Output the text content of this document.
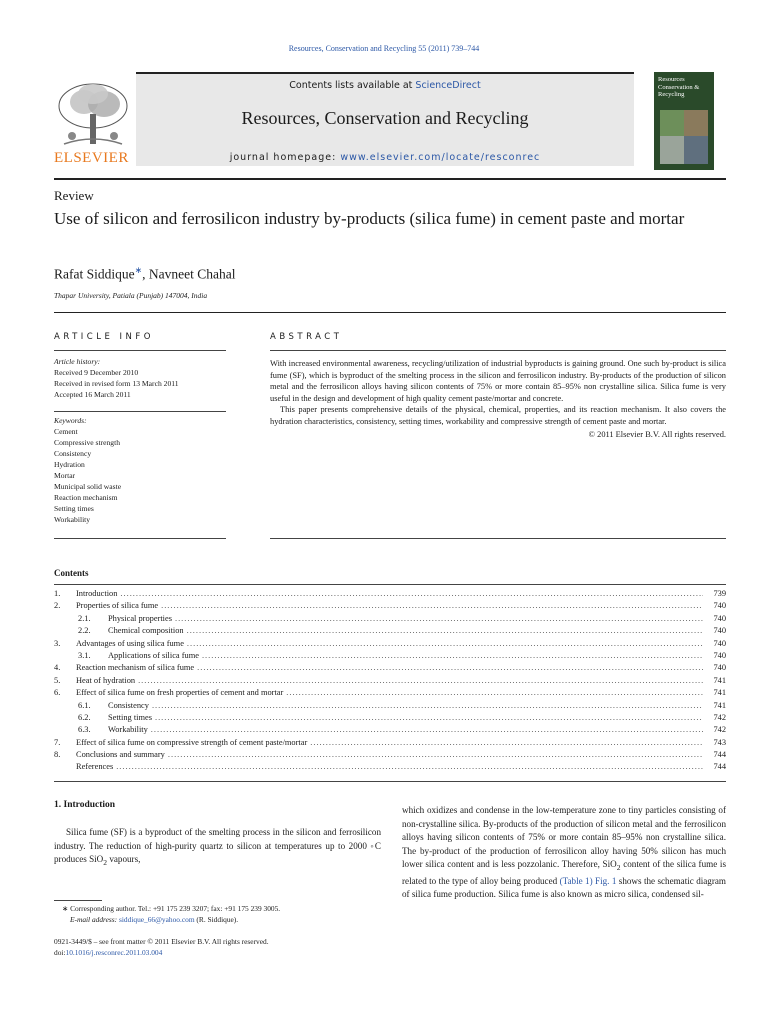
Resources, Conservation and Recycling 55 (2011) 739–744
ELSEVIER
Contents lists available at ScienceDirect
Resources, Conservation and Recycling
journal homepage: www.elsevier.com/locate/resconrec
Resources Conservation & Recycling
Review
Use of silicon and ferrosilicon industry by-products (silica fume) in cement paste and mortar
Rafat Siddique∗, Navneet Chahal
Thapar University, Patiala (Punjab) 147004, India
ARTICLE INFO
Article history:
Received 9 December 2010
Received in revised form 13 March 2011
Accepted 16 March 2011
Keywords:
Cement
Compressive strength
Consistency
Hydration
Mortar
Municipal solid waste
Reaction mechanism
Setting times
Workability
ABSTRACT

With increased environmental awareness, recycling/utilization of industrial byproducts is gaining ground. One such by-product is silica fume (SF), which is byproduct of the smelting process in the silicon and ferrosilicon industry. By-products of the production of silicon metal and the ferrosilicon alloys having silicon contents of 75% or more contain 85–95% non crystalline silica. Silica fume is very useful in the design and development of high quality cement paste/mortar and concrete.

This paper presents comprehensive details of the physical, chemical, properties, and its reaction mechanism. It also covers the hydration characteristics, consistency, setting times, workability and compressive strength of cement paste and mortar.

© 2011 Elsevier B.V. All rights reserved.

Contents
1.	Introduction .....	739
2.	Properties of silica fume .....	740
2.1.	Physical properties .....	740
2.2.	Chemical composition .....	740
3.	Advantages of using silica fume .....	740
3.1.	Applications of silica fume .....	740
4.	Reaction mechanism of silica fume .....	740
5.	Heat of hydration .....	741
6.	Effect of silica fume on fresh properties of cement and mortar .....	741
6.1.	Consistency .....	741
6.2.	Setting times .....	742
6.3.	Workability .....	742
7.	Effect of silica fume on compressive strength of cement paste/mortar .....	743
8.	Conclusions and summary .....	744
References .....	744
1. Introduction
Silica fume (SF) is a byproduct of the smelting process in the silicon and ferrosilicon industry. The reduction of high-purity quartz to silicon at temperatures up to 2000 ◦C produces SiO$_2$ vapours,
which oxidizes and condense in the low-temperature zone to tiny particles consisting of non-crystalline silica. By-products of the production of silicon metal and the ferrosilicon alloys having silicon contents of 75% or more contain 85–95% non crystalline silica. The by-product of the production of ferrosilicon alloy having 50% silicon has much lower silica content and is less pozzolanic. Therefore, SiO$_2$ content of the silica fume is related to the type of alloy being produced (Table 1) Fig. 1 shows the schematic diagram of silica fume production. Silica fume is also known as micro silica, condensed sil-
∗ Corresponding author. Tel.: +91 175 239 3207; fax: +91 175 239 3005.
E-mail address: siddique_66@yahoo.com (R. Siddique).
0921-3449/$ – see front matter © 2011 Elsevier B.V. All rights reserved.
doi:10.1016/j.resconrec.2011.03.004
